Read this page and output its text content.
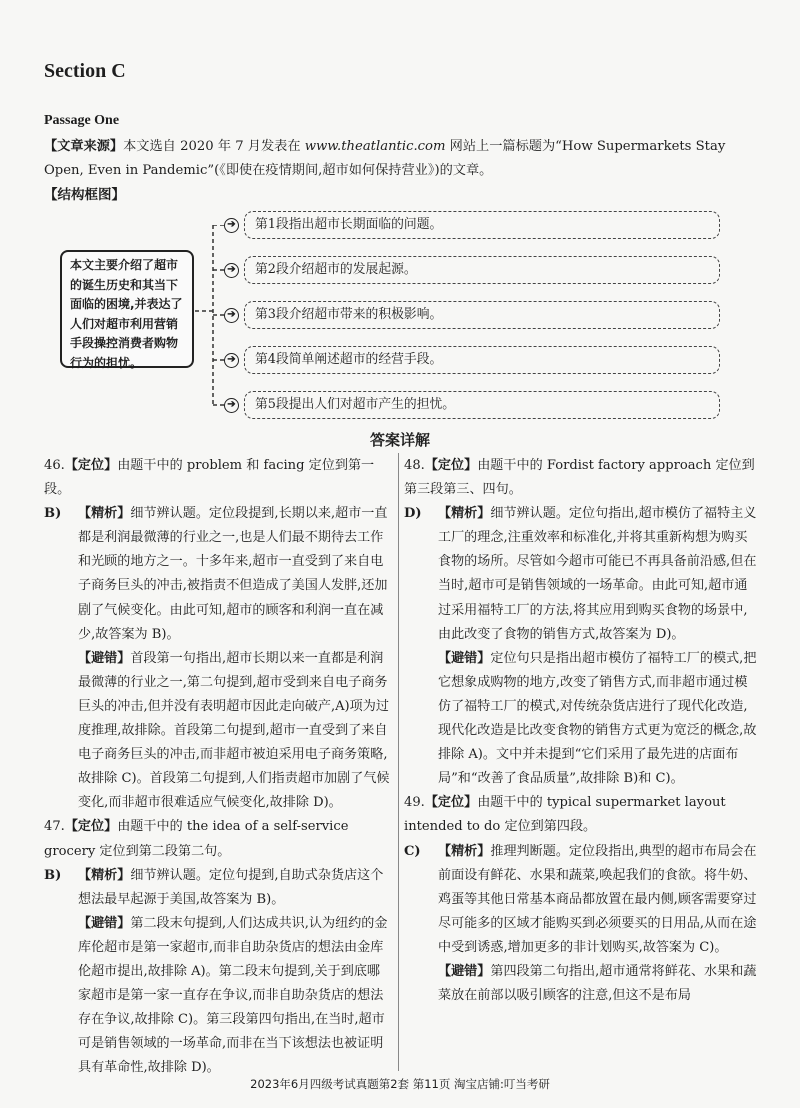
Section C
Passage One
【文章来源】本文选自 2020 年 7 月发表在 www.theatlantic.com 网站上一篇标题为“How Supermarkets Stay Open, Even in Pandemic”(《即使在疫情期间,超市如何保持营业》)的文章。
【结构框图】
本文主要介绍了超市的诞生历史和其当下面临的困境,并表达了人们对超市利用营销手段操控消费者购物行为的担忧。
➔
➔
➔
➔
➔
第1段指出超市长期面临的问题。
第2段介绍超市的发展起源。
第3段介绍超市带来的积极影响。
第4段简单阐述超市的经营手段。
第5段提出人们对超市产生的担忧。
答案详解

46.【定位】由题干中的 problem 和 facing 定位到第一段。

B) 【精析】细节辨认题。定位段提到,长期以来,超市一直都是利润最微薄的行业之一,也是人们最不期待去工作和光顾的地方之一。十多年来,超市一直受到了来自电子商务巨头的冲击,被指责不但造成了美国人发胖,还加剧了气候变化。由此可知,超市的顾客和利润一直在减少,故答案为 B)。

【避错】首段第一句指出,超市长期以来一直都是利润最微薄的行业之一,第二句提到,超市受到来自电子商务巨头的冲击,但并没有表明超市因此走向破产,A)项为过度推理,故排除。首段第二句提到,超市一直受到了来自电子商务巨头的冲击,而非超市被迫采用电子商务策略,故排除 C)。首段第二句提到,人们指责超市加剧了气候变化,而非超市很难适应气候变化,故排除 D)。

47.【定位】由题干中的 the idea of a self-service grocery 定位到第二段第二句。

B) 【精析】细节辨认题。定位句提到,自助式杂货店这个想法最早起源于美国,故答案为 B)。

【避错】第二段末句提到,人们达成共识,认为纽约的金库伦超市是第一家超市,而非自助杂货店的想法由金库伦超市提出,故排除 A)。第二段末句提到,关于到底哪家超市是第一家一直存在争议,而非自助杂货店的想法存在争议,故排除 C)。第三段第四句指出,在当时,超市可是销售领域的一场革命,而非在当下该想法也被证明具有革命性,故排除 D)。

48.【定位】由题干中的 Fordist factory approach 定位到第三段第三、四句。

D) 【精析】细节辨认题。定位句指出,超市模仿了福特主义工厂的理念,注重效率和标准化,并将其重新构想为购买食物的场所。尽管如今超市可能已不再具备前沿感,但在当时,超市可是销售领域的一场革命。由此可知,超市通过采用福特工厂的方法,将其应用到购买食物的场景中,由此改变了食物的销售方式,故答案为 D)。

【避错】定位句只是指出超市模仿了福特工厂的模式,把它想象成购物的地方,改变了销售方式,而非超市通过模仿了福特工厂的模式,对传统杂货店进行了现代化改造,现代化改造是比改变食物的销售方式更为宽泛的概念,故排除 A)。文中并未提到“它们采用了最先进的店面布局”和“改善了食品质量”,故排除 B)和 C)。

49.【定位】由题干中的 typical supermarket layout intended to do 定位到第四段。

C) 【精析】推理判断题。定位段指出,典型的超市布局会在前面设有鲜花、水果和蔬菜,唤起我们的食欲。将牛奶、鸡蛋等其他日常基本商品都放置在最内侧,顾客需要穿过尽可能多的区域才能购买到必须要买的日用品,从而在途中受到诱惑,增加更多的非计划购买,故答案为 C)。

【避错】第四段第二句指出,超市通常将鲜花、水果和蔬菜放在前部以吸引顾客的注意,但这不是布局

2023年6月四级考试真题第2套 第11页 淘宝店铺:叮当考研
